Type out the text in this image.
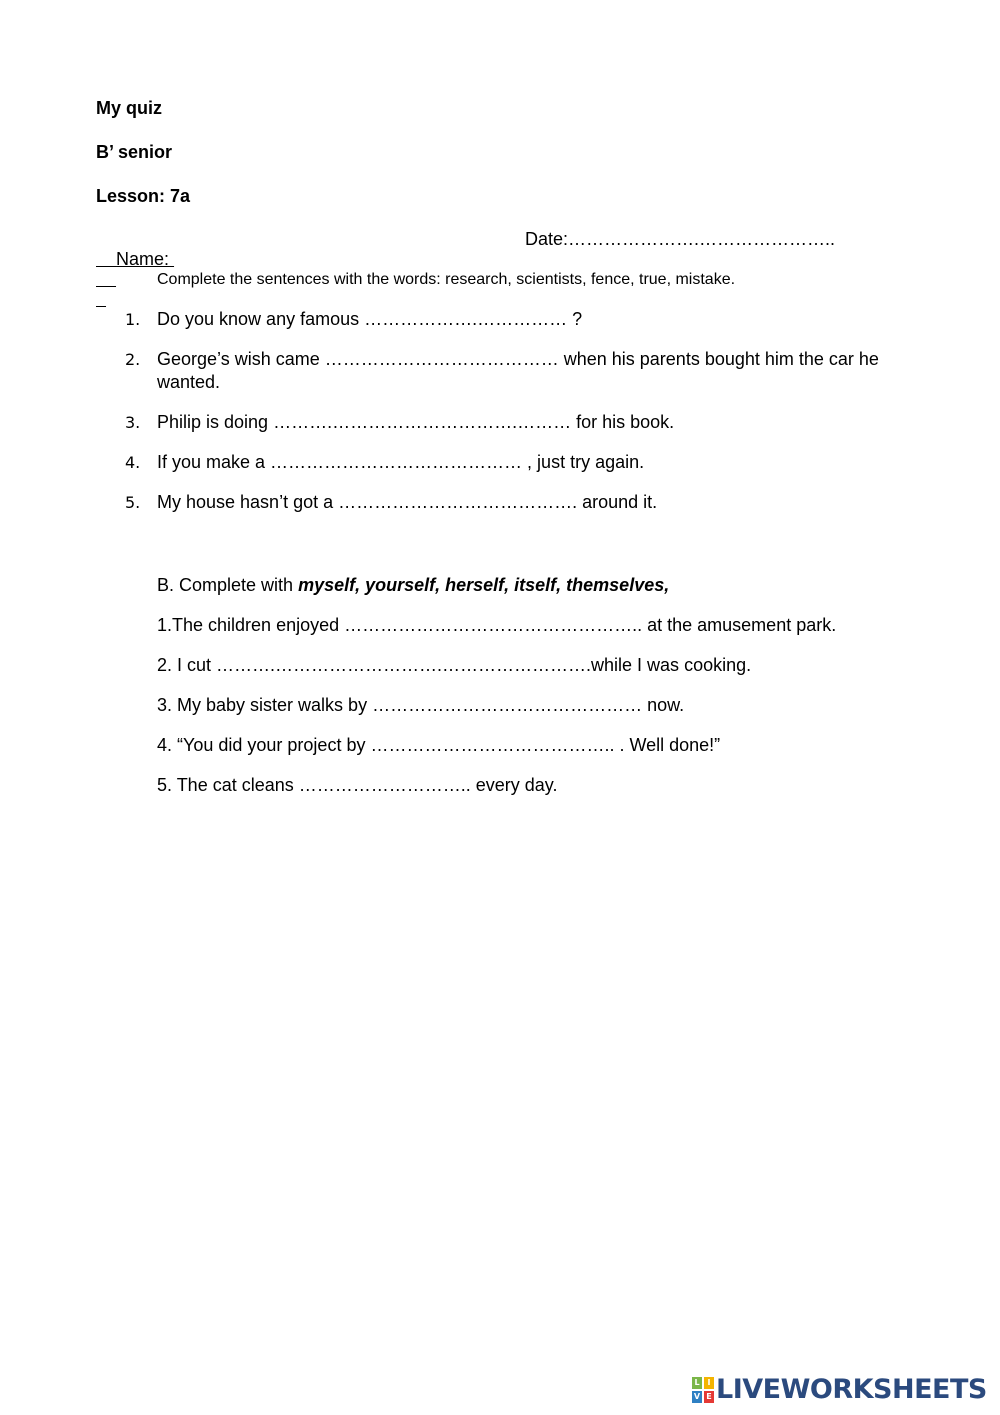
My quiz
B’ senior
Lesson: 7a

Name:

Date:………………….…………………..

Complete the sentences with the words: research, scientists, fence, true, mistake.
1. Do you know any famous ……………….…………… ?
2. George’s wish came ………………………………… when his parents bought him the car he wanted.
3. Philip is doing ……….………………………….……… for his book.
4. If you make a …………………………………… , just try again.
5. My house hasn’t got a …………………………………. around it.
B. Complete with myself, yourself, herself, itself, themselves,
1.The children enjoyed ………………………………………….. at the amusement park.
2. I cut ……….……………………….…………………….while I was cooking.
3. My baby sister walks by ……………………………………… now.
4. “You did your project by ………………………………….. . Well done!”
5. The cat cleans ……………………….. every day.
L I
V E LIVEWORKSHEETS
